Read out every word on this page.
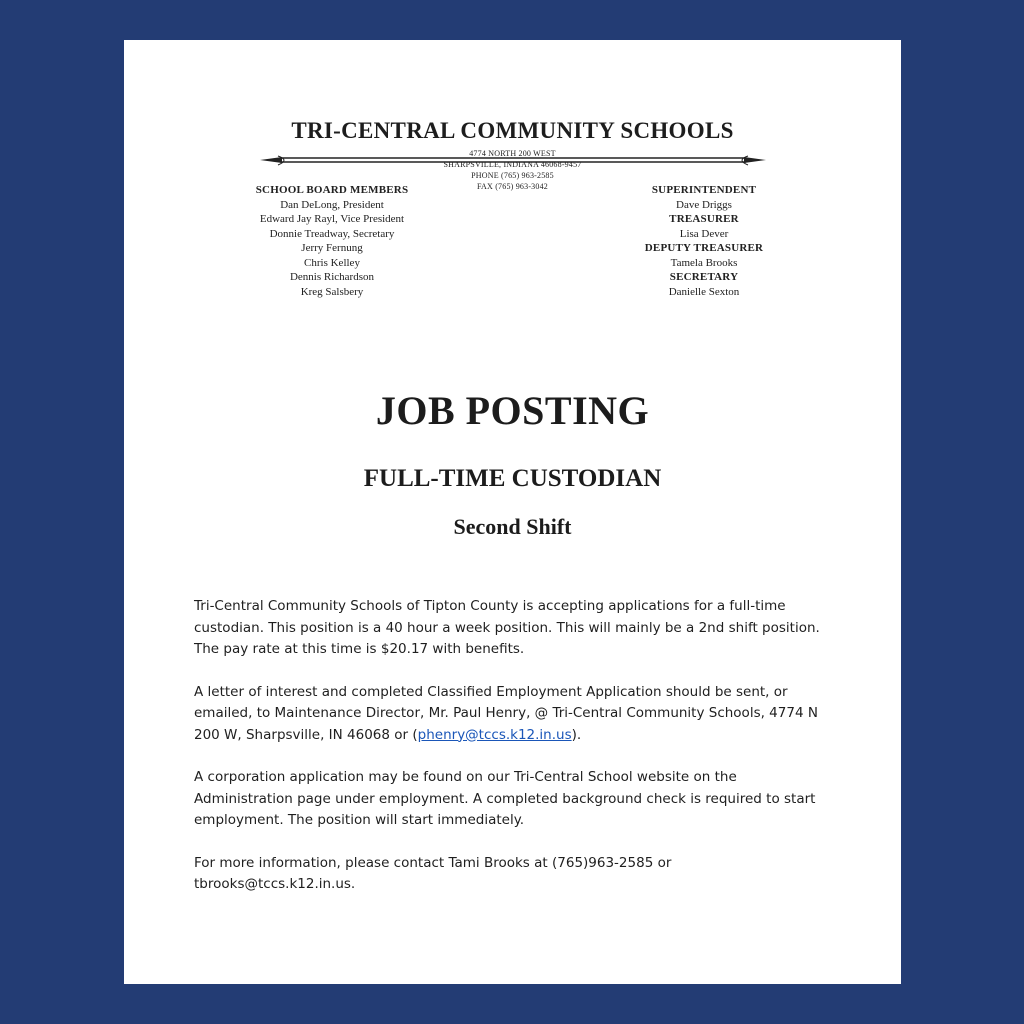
TRI-CENTRAL COMMUNITY SCHOOLS
4774 NORTH 200 WEST
SHARPSVILLE, INDIANA 46068-9457
PHONE (765) 963-2585
FAX (765) 963-3042
SCHOOL BOARD MEMBERS
Dan DeLong, President
Edward Jay Rayl, Vice President
Donnie Treadway, Secretary
Jerry Fernung
Chris Kelley
Dennis Richardson
Kreg Salsbery
SUPERINTENDENT
Dave Driggs
TREASURER
Lisa Dever
DEPUTY TREASURER
Tamela Brooks
SECRETARY
Danielle Sexton
JOB POSTING
FULL-TIME CUSTODIAN
Second Shift

Tri-Central Community Schools of Tipton County is accepting applications for a full-time custodian. This position is a 40 hour a week position. This will mainly be a 2nd shift position. The pay rate at this time is $20.17 with benefits.

A letter of interest and completed Classified Employment Application should be sent, or emailed, to Maintenance Director, Mr. Paul Henry, @ Tri-Central Community Schools, 4774 N 200 W, Sharpsville, IN 46068 or (phenry@tccs.k12.in.us).

A corporation application may be found on our Tri-Central School website on the Administration page under employment. A completed background check is required to start employment. The position will start immediately.

For more information, please contact Tami Brooks at (765)963-2585 or tbrooks@tccs.k12.in.us.
